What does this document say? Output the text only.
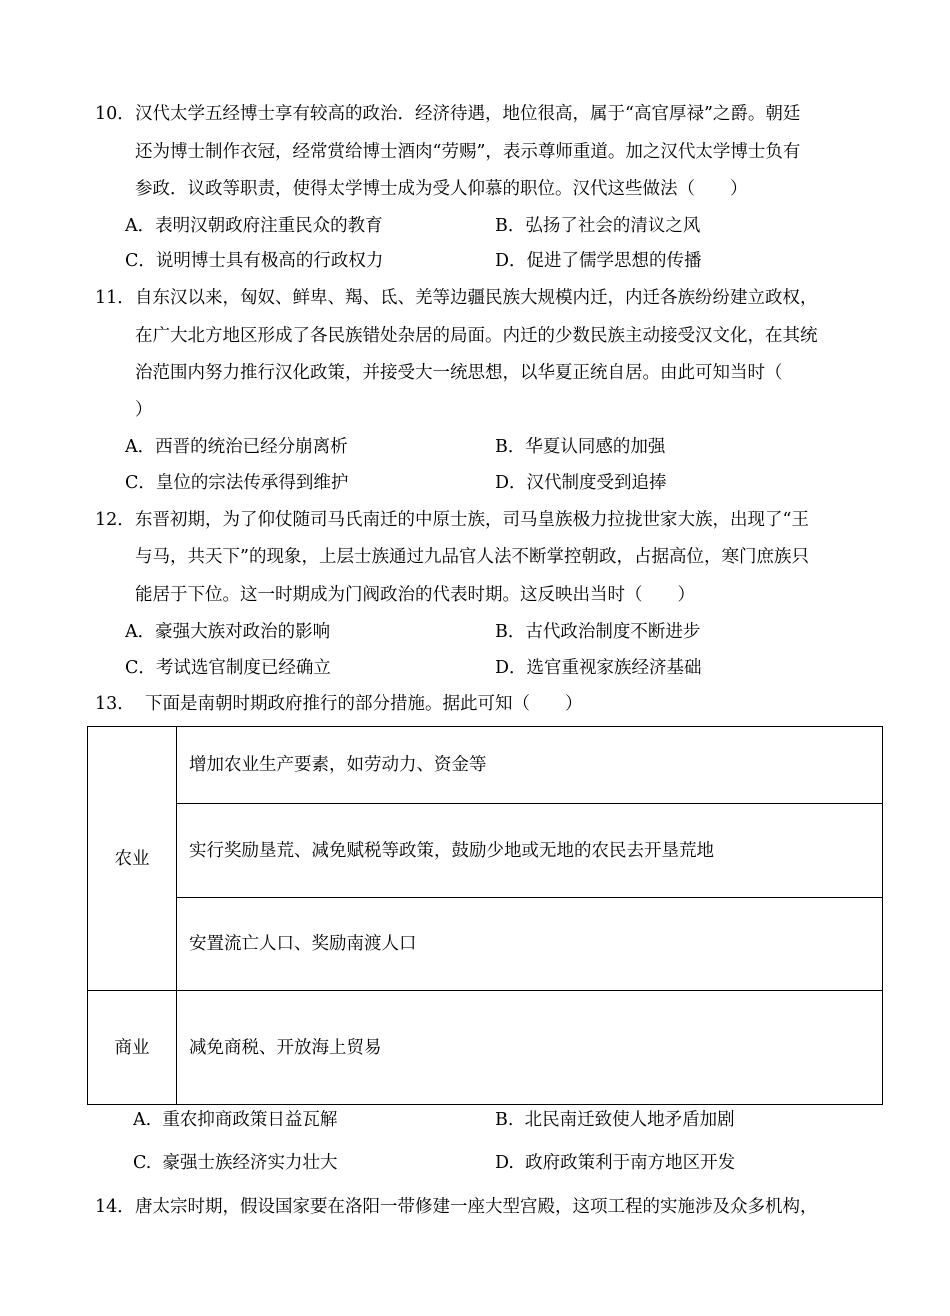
10． 汉代太学五经博士享有较高的政治．经济待遇，地位很高，属于“高官厚禄”之爵。朝廷
还为博士制作衣冠，经常赏给博士酒肉“劳赐”，表示尊师重道。加之汉代太学博士负有
参政．议政等职责，使得太学博士成为受人仰慕的职位。汉代这些做法（　　）
A．表明汉朝政府注重民众的教育	B．弘扬了社会的清议之风
C．说明博士具有极高的行政权力	D．促进了儒学思想的传播
11． 自东汉以来，匈奴、鲜卑、羯、氐、羌等边疆民族大规模内迁，内迁各族纷纷建立政权，
在广大北方地区形成了各民族错处杂居的局面。内迁的少数民族主动接受汉文化，在其统
治范围内努力推行汉化政策，并接受大一统思想，以华夏正统自居。由此可知当时（
）
A．西晋的统治已经分崩离析	B．华夏认同感的加强
C．皇位的宗法传承得到维护	D．汉代制度受到追捧
12． 东晋初期，为了仰仗随司马氏南迁的中原士族，司马皇族极力拉拢世家大族，出现了“王
与马，共天下”的现象，上层士族通过九品官人法不断掌控朝政，占据高位，寒门庶族只
能居于下位。这一时期成为门阀政治的代表时期。这反映出当时（　　）
A．豪强大族对政治的影响	B．古代政治制度不断进步
C．考试选官制度已经确立	D．选官重视家族经济基础
13． 下面是南朝时期政府推行的部分措施。据此可知（　　）
农业	增加农业生产要素，如劳动力、资金等
	实行奖励垦荒、减免赋税等政策，鼓励少地或无地的农民去开垦荒地
	安置流亡人口、奖励南渡人口
商业	减免商税、开放海上贸易
A. 重农抑商政策日益瓦解	B. 北民南迁致使人地矛盾加剧
C. 豪强士族经济实力壮大	D. 政府政策利于南方地区开发
14． 唐太宗时期，假设国家要在洛阳一带修建一座大型宫殿，这项工程的实施涉及众多机构，
